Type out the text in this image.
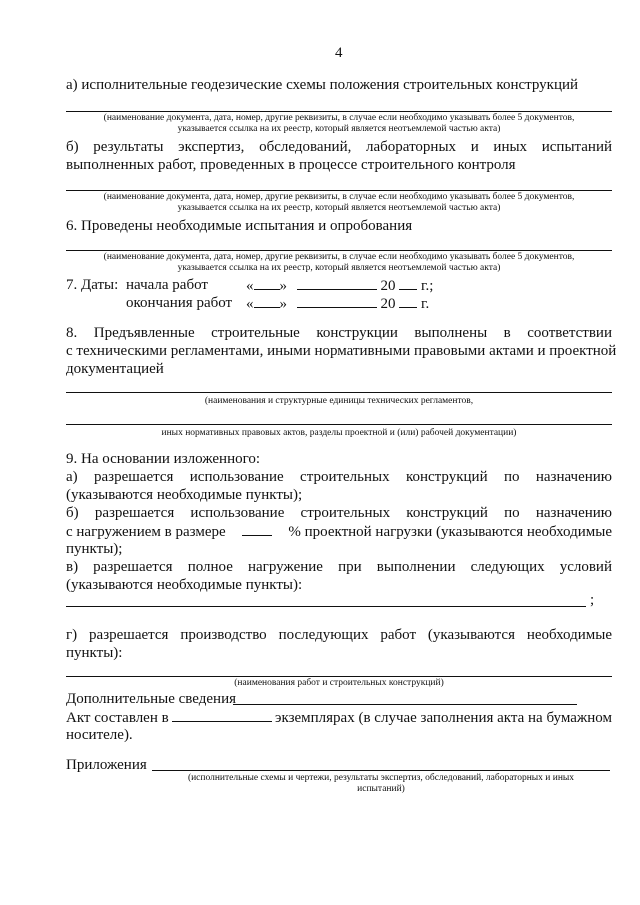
4
а) исполнительные геодезические схемы положения строительных конструкций
(наименование документа, дата, номер, другие реквизиты, в случае если необходимо указывать более 5 документов,
указывается ссылка на их реестр, который является неотъемлемой частью акта)
б) результаты экспертиз, обследований, лабораторных и иных испытаний
выполненных работ, проведенных в процессе строительного контроля
(наименование документа, дата, номер, другие реквизиты, в случае если необходимо указывать более 5 документов,
указывается ссылка на их реестр, который является неотъемлемой частью акта)
6. Проведены необходимые испытания и опробования
(наименование документа, дата, номер, другие реквизиты, в случае если необходимо указывать более 5 документов,
указывается ссылка на их реестр, который является неотъемлемой частью акта)
7. Даты: начала работ	« »	20 г.;
окончания работ « »	20 г.
8. Предъявленные строительные конструкции выполнены в соответствии
с техническими регламентами, иными нормативными правовыми актами и проектной
документацией
(наименования и структурные единицы технических регламентов,
иных нормативных правовых актов, разделы проектной и (или) рабочей документации)
9. На основании изложенного:
а) разрешается использование строительных конструкций по назначению
(указываются необходимые пункты);
б) разрешается использование строительных конструкций по назначению
с нагружением в размере	% проектной нагрузки (указываются необходимые
пункты);
в) разрешается полное нагружение при выполнении следующих условий
(указываются необходимые пункты):
;
г) разрешается производство последующих работ (указываются необходимые
пункты):
(наименования работ и строительных конструкций)
Дополнительные сведения
Акт составлен в	экземплярах (в случае заполнения акта на бумажном
носителе).
Приложения
(исполнительные схемы и чертежи, результаты экспертиз, обследований, лабораторных и иных
испытаний)
